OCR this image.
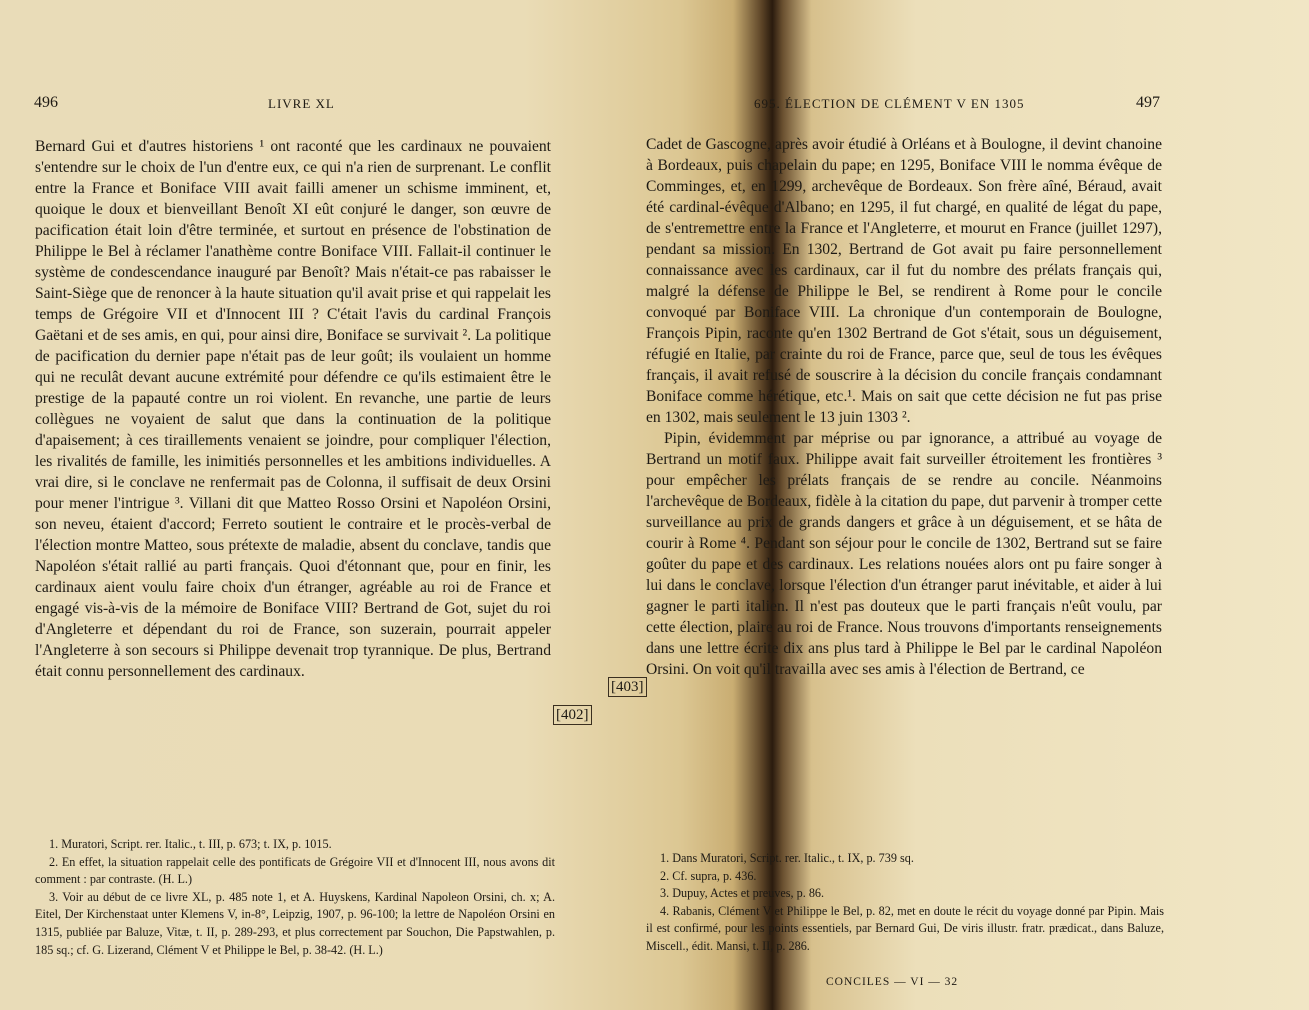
496	LIVRE XL

Bernard Gui et d'autres historiens ¹ ont raconté que les cardinaux ne pouvaient s'entendre sur le choix de l'un d'entre eux, ce qui n'a rien de surprenant. Le conflit entre la France et Boniface VIII avait failli amener un schisme imminent, et, quoique le doux et bienveillant Benoît XI eût conjuré le danger, son œuvre de pacification était loin d'être terminée, et surtout en présence de l'obstination de Philippe le Bel à réclamer l'anathème contre Boniface VIII. Fallait-il continuer le système de condescendance inauguré par Benoît? Mais n'était-ce pas rabaisser le Saint-Siège que de renoncer à la haute situation qu'il avait prise et qui rappelait les temps de Grégoire VII et d'Innocent III ? C'était l'avis du cardinal François Gaëtani et de ses amis, en qui, pour ainsi dire, Boniface se survivait ². La politique de pacification du dernier pape n'était pas de leur goût; ils voulaient un homme qui ne reculât devant aucune extrémité pour défendre ce qu'ils estimaient être le prestige de la papauté contre un roi violent. En revanche, une partie de leurs collègues ne voyaient de salut que dans la continuation de la politique d'apaisement; à ces tiraillements venaient se joindre, pour compliquer l'élection, les rivalités de famille, les inimitiés personnelles et les ambitions individuelles. A vrai dire, si le conclave ne renfermait pas de Colonna, il suffisait de deux Orsini pour mener l'intrigue ³. Villani dit que Matteo Rosso Orsini et Napoléon Orsini, son neveu, étaient d'accord; Ferreto soutient le contraire et le procès-verbal de l'élection montre Matteo, sous prétexte de maladie, absent du conclave, tandis que Napoléon s'était rallié au parti français. Quoi d'étonnant que, pour en finir, les cardinaux aient voulu faire choix d'un étranger, agréable au roi de France et engagé vis-à-vis de la mémoire de Boniface VIII? Bertrand de Got, sujet du roi d'Angleterre et dépendant du roi de France, son suzerain, pourrait appeler l'Angleterre à son secours si Philippe devenait trop tyrannique. De plus, Bertrand était connu personnellement des cardinaux.

[402]

1. Muratori, Script. rer. Italic., t. III, p. 673; t. IX, p. 1015.

2. En effet, la situation rappelait celle des pontificats de Grégoire VII et d'Innocent III, nous avons dit comment : par contraste. (H. L.)

3. Voir au début de ce livre XL, p. 485 note 1, et A. Huyskens, Kardinal Napoleon Orsini, ch. x; A. Eitel, Der Kirchenstaat unter Klemens V, in-8°, Leipzig, 1907, p. 96-100; la lettre de Napoléon Orsini en 1315, publiée par Baluze, Vitæ, t. II, p. 289-293, et plus correctement par Souchon, Die Papstwahlen, p. 185 sq.; cf. G. Lizerand, Clément V et Philippe le Bel, p. 38-42. (H. L.)

695. ÉLECTION DE CLÉMENT V EN 1305	497
[403]

Cadet de Gascogne, après avoir étudié à Orléans et à Boulogne, il devint chanoine à Bordeaux, puis chapelain du pape; en 1295, Boniface VIII le nomma évêque de Comminges, et, en 1299, archevêque de Bordeaux. Son frère aîné, Béraud, avait été cardinal-évêque d'Albano; en 1295, il fut chargé, en qualité de légat du pape, de s'entremettre entre la France et l'Angleterre, et mourut en France (juillet 1297), pendant sa mission. En 1302, Bertrand de Got avait pu faire personnellement connaissance avec les cardinaux, car il fut du nombre des prélats français qui, malgré la défense de Philippe le Bel, se rendirent à Rome pour le concile convoqué par Boniface VIII. La chronique d'un contemporain de Boulogne, François Pipin, raconte qu'en 1302 Bertrand de Got s'était, sous un déguisement, réfugié en Italie, par crainte du roi de France, parce que, seul de tous les évêques français, il avait refusé de souscrire à la décision du concile français condamnant Boniface comme hérétique, etc.¹. Mais on sait que cette décision ne fut pas prise en 1302, mais seulement le 13 juin 1303 ².

Pipin, évidemment par méprise ou par ignorance, a attribué au voyage de Bertrand un motif faux. Philippe avait fait surveiller étroitement les frontières ³ pour empêcher les prélats français de se rendre au concile. Néanmoins l'archevêque de Bordeaux, fidèle à la citation du pape, dut parvenir à tromper cette surveillance au prix de grands dangers et grâce à un déguisement, et se hâta de courir à Rome ⁴. Pendant son séjour pour le concile de 1302, Bertrand sut se faire goûter du pape et des cardinaux. Les relations nouées alors ont pu faire songer à lui dans le conclave, lorsque l'élection d'un étranger parut inévitable, et aider à lui gagner le parti italien. Il n'est pas douteux que le parti français n'eût voulu, par cette élection, plaire au roi de France. Nous trouvons d'importants renseignements dans une lettre écrite dix ans plus tard à Philippe le Bel par le cardinal Napoléon Orsini. On voit qu'il travailla avec ses amis à l'élection de Bertrand, ce

1. Dans Muratori, Script. rer. Italic., t. IX, p. 739 sq.

2. Cf. supra, p. 436.

3. Dupuy, Actes et preuves, p. 86.

4. Rabanis, Clément V et Philippe le Bel, p. 82, met en doute le récit du voyage donné par Pipin. Mais il est confirmé, pour les points essentiels, par Bernard Gui, De viris illustr. fratr. prædicat., dans Baluze, Miscell., édit. Mansi, t. II, p. 286.

CONCILES — VI — 32
